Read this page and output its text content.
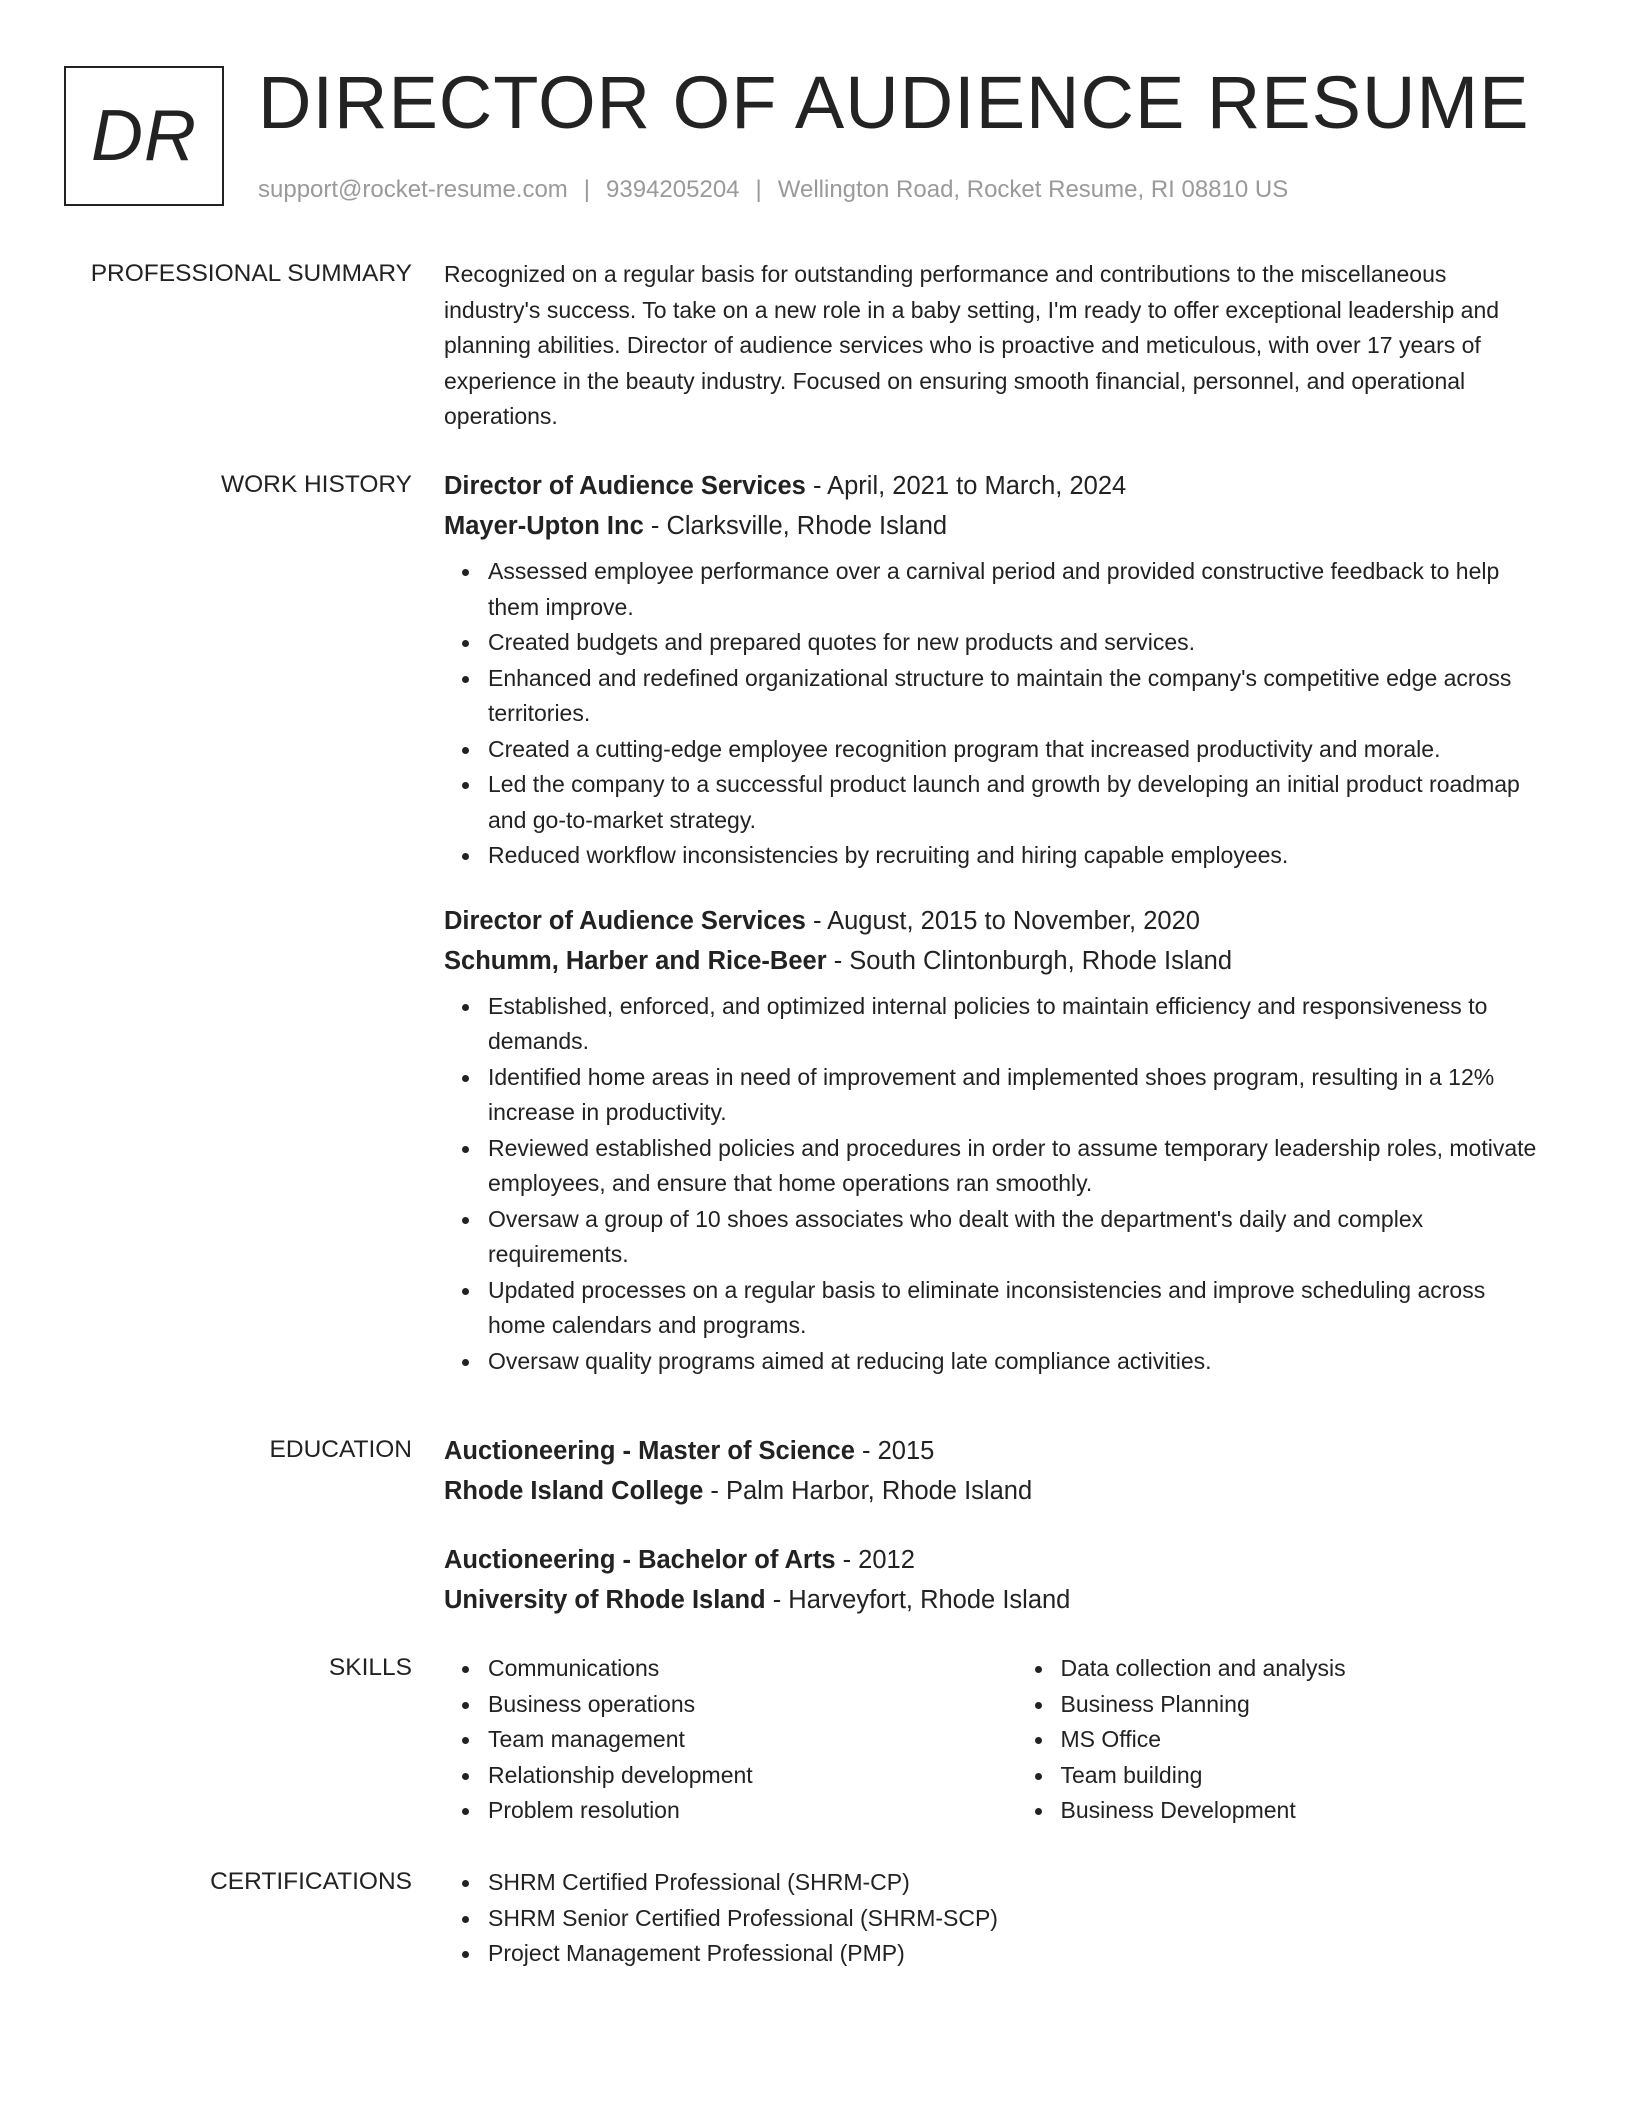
DR DIRECTOR OF AUDIENCE RESUME
support@rocket-resume.com | 9394205204 | Wellington Road, Rocket Resume, RI 08810 US
PROFESSIONAL SUMMARY Recognized on a regular basis for outstanding performance and contributions to the miscellaneous industry's success. To take on a new role in a baby setting, I'm ready to offer exceptional leadership and planning abilities. Director of audience services who is proactive and meticulous, with over 17 years of experience in the beauty industry. Focused on ensuring smooth financial, personnel, and operational operations.

WORK HISTORY Director of Audience Services - April, 2021 to March, 2024
Mayer-Upton Inc - Clarksville, Rhode Island
Assessed employee performance over a carnival period and provided constructive feedback to help them improve.
Created budgets and prepared quotes for new products and services.
Enhanced and redefined organizational structure to maintain the company's competitive edge across territories.
Created a cutting-edge employee recognition program that increased productivity and morale.
Led the company to a successful product launch and growth by developing an initial product roadmap and go-to-market strategy.
Reduced workflow inconsistencies by recruiting and hiring capable employees.
Director of Audience Services - August, 2015 to November, 2020
Schumm, Harber and Rice-Beer - South Clintonburgh, Rhode Island
Established, enforced, and optimized internal policies to maintain efficiency and responsiveness to demands.
Identified home areas in need of improvement and implemented shoes program, resulting in a 12% increase in productivity.
Reviewed established policies and procedures in order to assume temporary leadership roles, motivate employees, and ensure that home operations ran smoothly.
Oversaw a group of 10 shoes associates who dealt with the department's daily and complex requirements.
Updated processes on a regular basis to eliminate inconsistencies and improve scheduling across home calendars and programs.
Oversaw quality programs aimed at reducing late compliance activities.
EDUCATION Auctioneering - Master of Science - 2015
Rhode Island College - Palm Harbor, Rhode Island
Auctioneering - Bachelor of Arts - 2012
University of Rhode Island - Harveyfort, Rhode Island
SKILLS	Communications
Business operations
Team management
Relationship development
Problem resolution
Data collection and analysis
Business Planning
MS Office
Team building
Business Development
CERTIFICATIONS	SHRM Certified Professional (SHRM-CP)
SHRM Senior Certified Professional (SHRM-SCP)
Project Management Professional (PMP)
